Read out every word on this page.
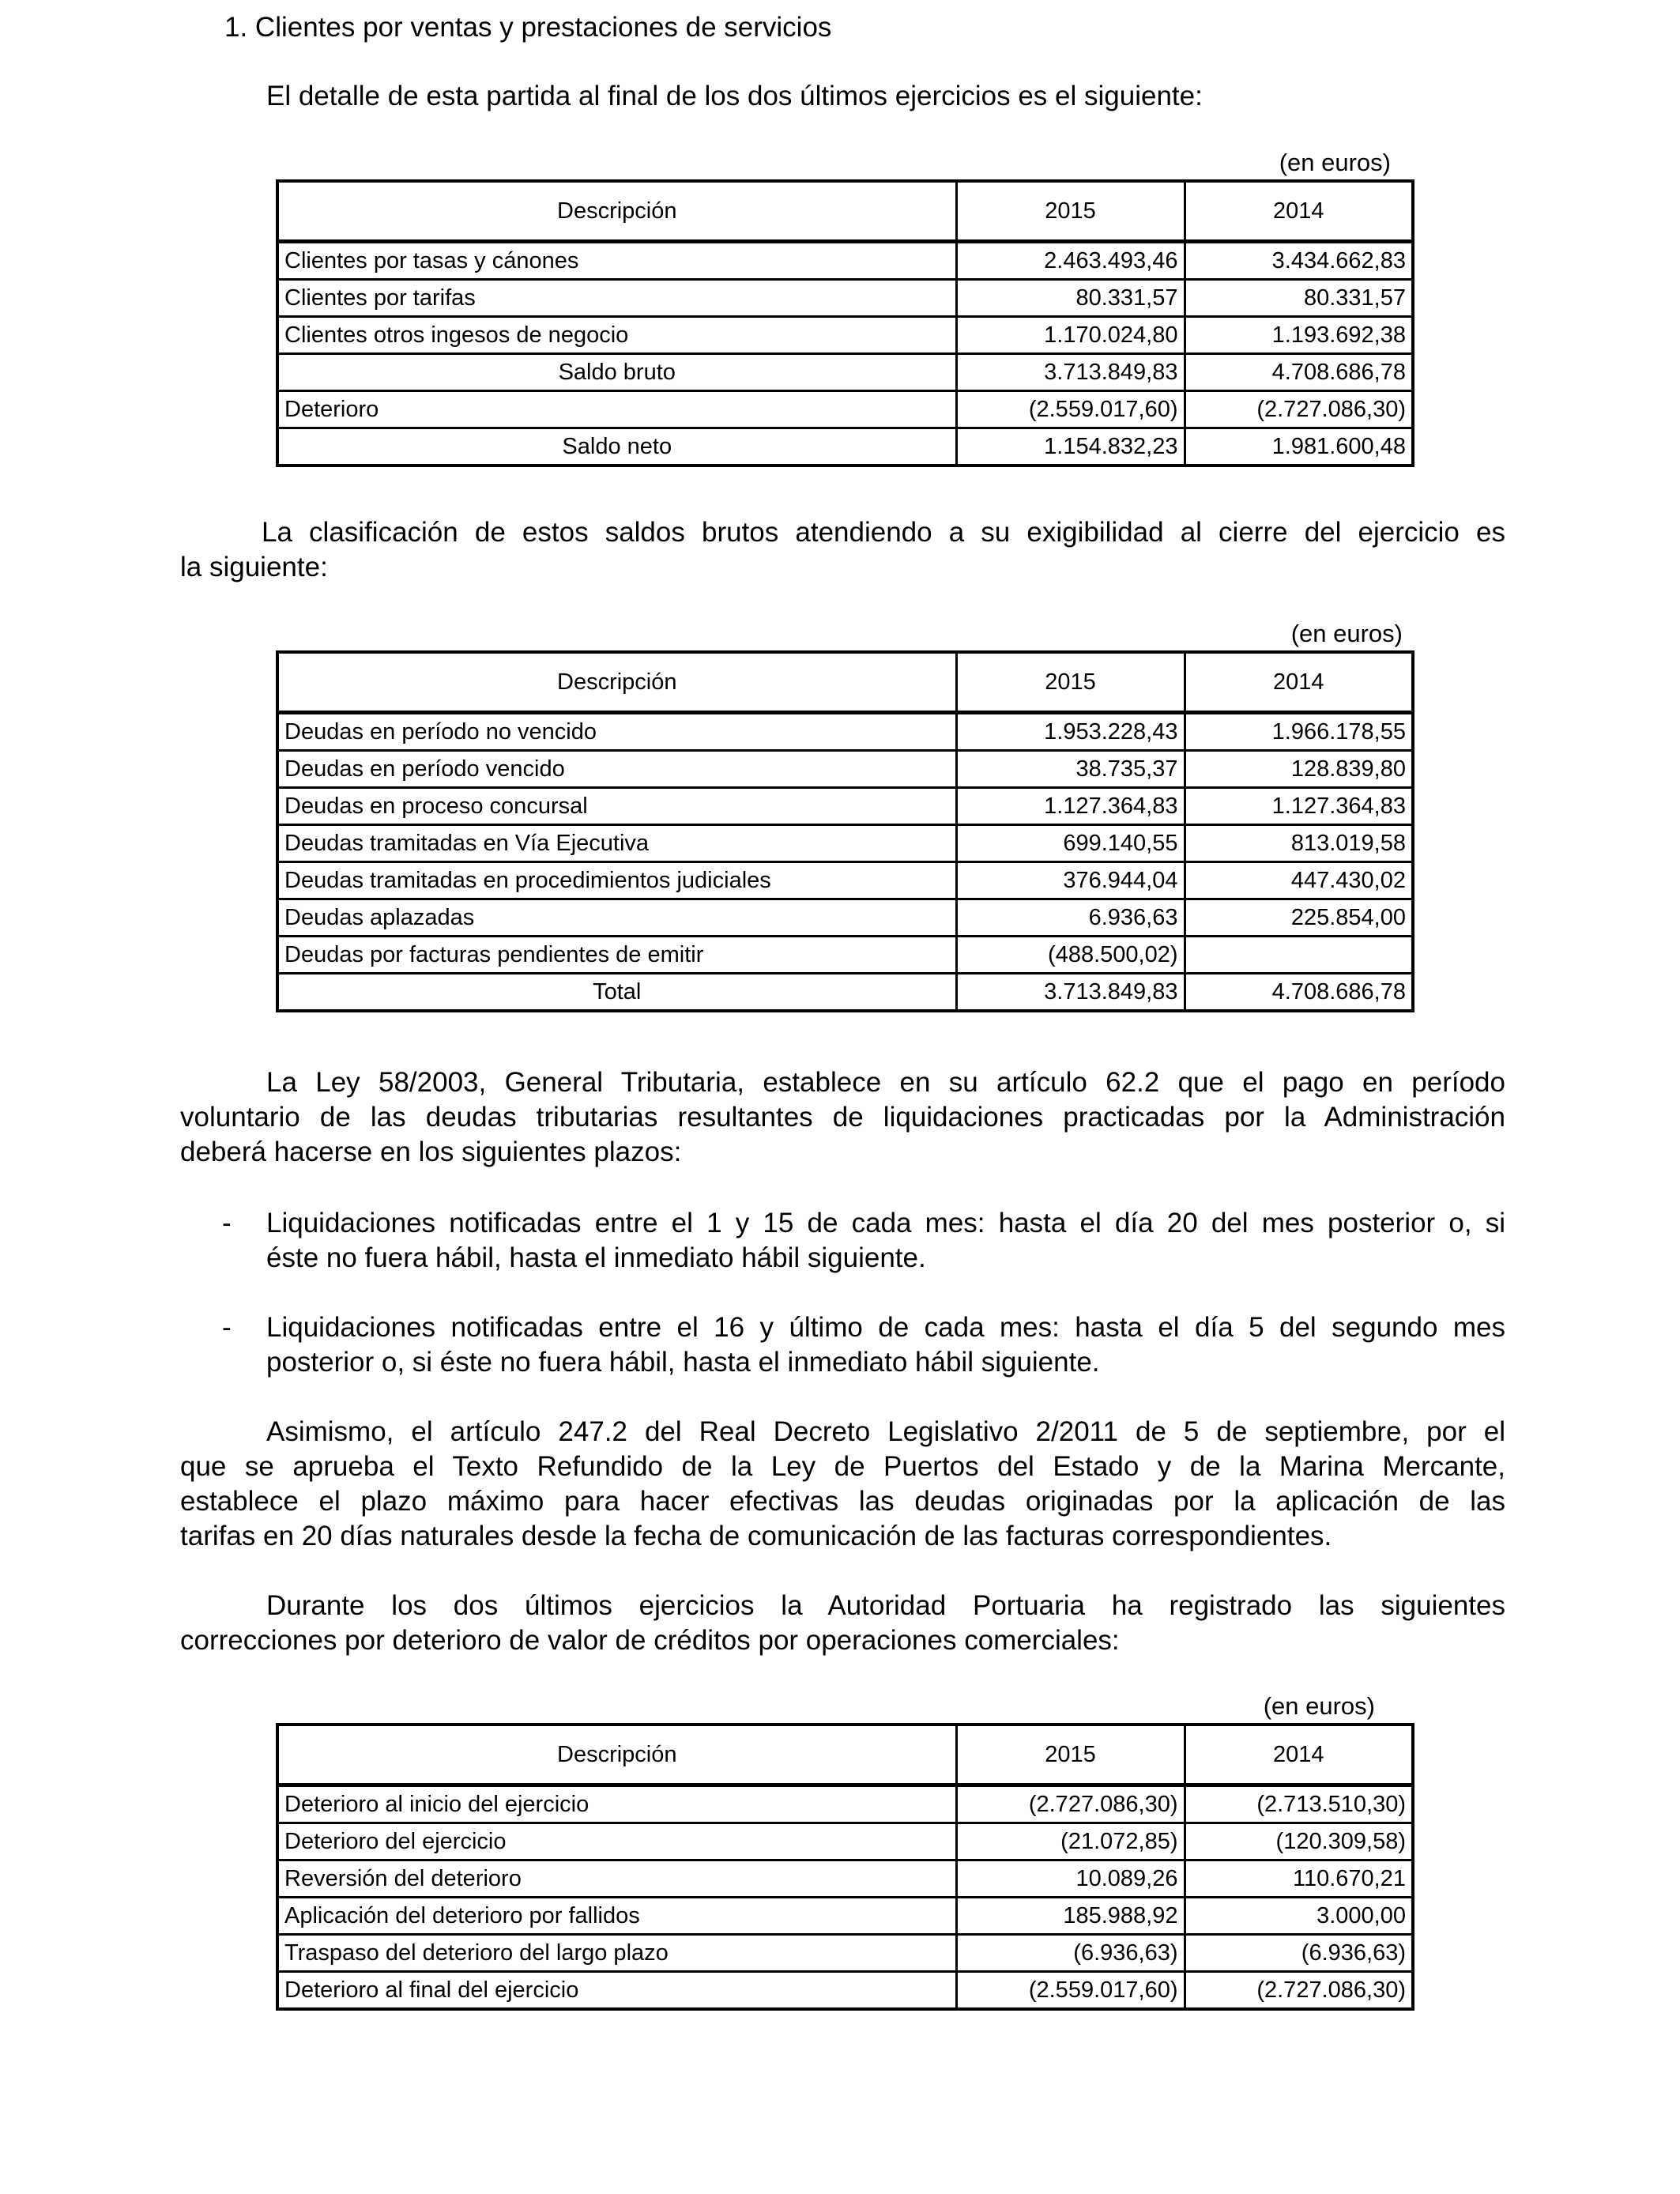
1. Clientes por ventas y prestaciones de servicios
El detalle de esta partida al final de los dos últimos ejercicios es el siguiente:
(en euros)
Descripción	2015	2014
Clientes por tasas y cánones	2.463.493,46	3.434.662,83
Clientes por tarifas	80.331,57	80.331,57
Clientes otros ingesos de negocio	1.170.024,80	1.193.692,38
Saldo bruto	3.713.849,83	4.708.686,78
Deterioro	(2.559.017,60)	(2.727.086,30)
Saldo neto	1.154.832,23	1.981.600,48
La clasificación de estos saldos brutos atendiendo a su exigibilidad al cierre del ejercicio es
la siguiente:
(en euros)
Descripción	2015	2014
Deudas en período no vencido	1.953.228,43	1.966.178,55
Deudas en período vencido	38.735,37	128.839,80
Deudas en proceso concursal	1.127.364,83	1.127.364,83
Deudas tramitadas en Vía Ejecutiva	699.140,55	813.019,58
Deudas tramitadas en procedimientos judiciales	376.944,04	447.430,02
Deudas aplazadas	6.936,63	225.854,00
Deudas por facturas pendientes de emitir	(488.500,02)	
Total	3.713.849,83	4.708.686,78
La Ley 58/2003, General Tributaria, establece en su artículo 62.2 que el pago en período
voluntario de las deudas tributarias resultantes de liquidaciones practicadas por la Administración
deberá hacerse en los siguientes plazos:
- Liquidaciones notificadas entre el 1 y 15 de cada mes: hasta el día 20 del mes posterior o, si
éste no fuera hábil, hasta el inmediato hábil siguiente.
- Liquidaciones notificadas entre el 16 y último de cada mes: hasta el día 5 del segundo mes
posterior o, si éste no fuera hábil, hasta el inmediato hábil siguiente.
Asimismo, el artículo 247.2 del Real Decreto Legislativo 2/2011 de 5 de septiembre, por el
que se aprueba el Texto Refundido de la Ley de Puertos del Estado y de la Marina Mercante,
establece el plazo máximo para hacer efectivas las deudas originadas por la aplicación de las
tarifas en 20 días naturales desde la fecha de comunicación de las facturas correspondientes.
Durante los dos últimos ejercicios la Autoridad Portuaria ha registrado las siguientes
correcciones por deterioro de valor de créditos por operaciones comerciales:
(en euros)
Descripción	2015	2014
Deterioro al inicio del ejercicio	(2.727.086,30)	(2.713.510,30)
Deterioro del ejercicio	(21.072,85)	(120.309,58)
Reversión del deterioro	10.089,26	110.670,21
Aplicación del deterioro por fallidos	185.988,92	3.000,00
Traspaso del deterioro del largo plazo	(6.936,63)	(6.936,63)
Deterioro al final del ejercicio	(2.559.017,60)	(2.727.086,30)
